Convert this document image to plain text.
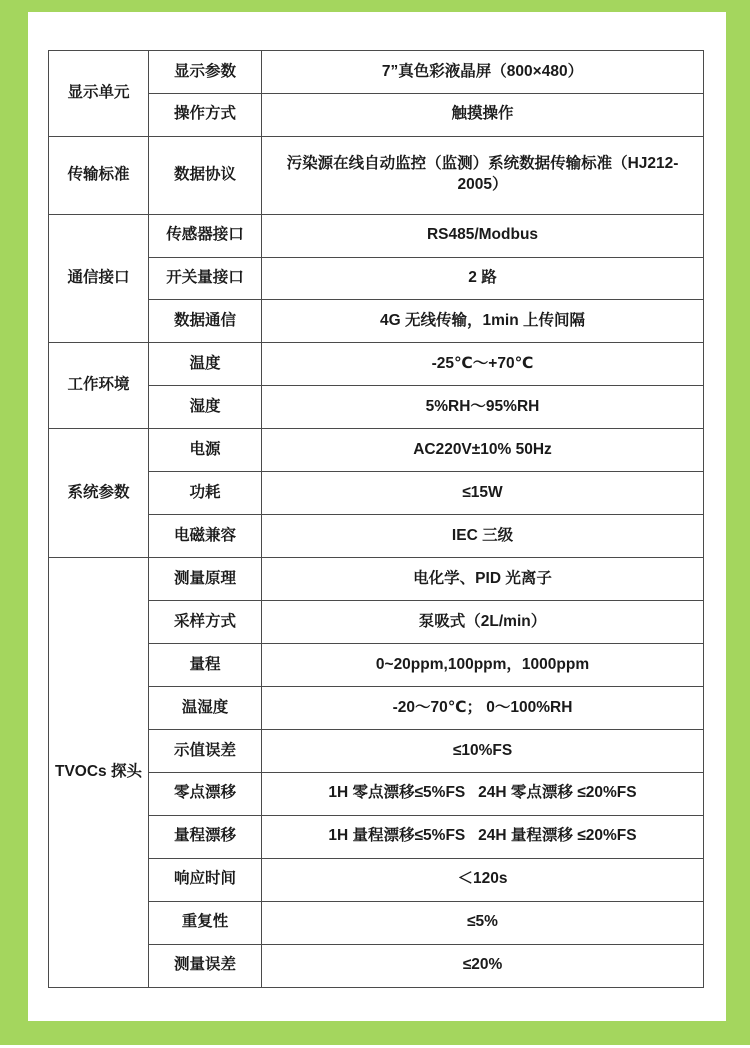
显示单元	显示参数	7”真色彩液晶屏（800×480）
	操作方式	触摸操作
传输标准	数据协议	污染源在线自动监控（监测）系统数据传输标准（HJ212-2005）
通信接口	传感器接口	RS485/Modbus
	开关量接口	2 路
	数据通信	4G 无线传输，1min 上传间隔
工作环境	温度	-25℃～+70℃
	湿度	5%RH～95%RH
系统参数	电源	AC220V±10% 50Hz
	功耗	≤15W
	电磁兼容	IEC 三级
TVOCs 探头	测量原理	电化学、PID 光离子
	采样方式	泵吸式（2L/min）
	量程	0~20ppm,100ppm，1000ppm
	温湿度	-20～70℃； 0～100%RH
	示值误差	≤10%FS
	零点漂移	1H 零点漂移≤5%FS   24H 零点漂移 ≤20%FS
	量程漂移	1H 量程漂移≤5%FS   24H 量程漂移 ≤20%FS
	响应时间	＜120s
	重复性	≤5%
	测量误差	≤20%
